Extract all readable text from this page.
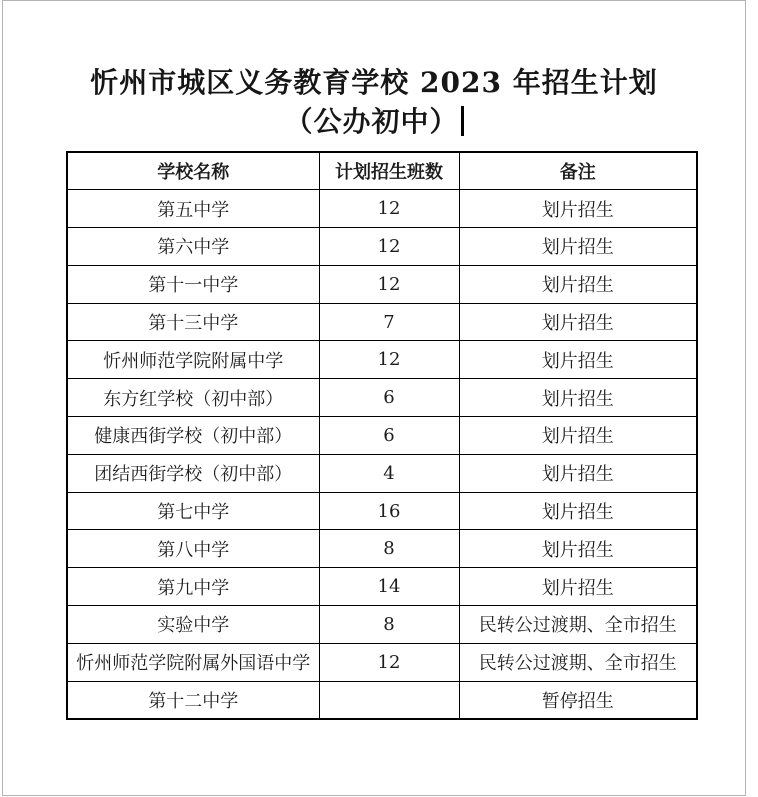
忻州市城区义务教育学校 2023 年招生计划
（公办初中）
学校名称	计划招生班数	备注
第五中学	12	划片招生
第六中学	12	划片招生
第十一中学	12	划片招生
第十三中学	7	划片招生
忻州师范学院附属中学	12	划片招生
东方红学校（初中部）	6	划片招生
健康西街学校（初中部）	6	划片招生
团结西街学校（初中部）	4	划片招生
第七中学	16	划片招生
第八中学	8	划片招生
第九中学	14	划片招生
实验中学	8	民转公过渡期、全市招生
忻州师范学院附属外国语中学	12	民转公过渡期、全市招生
第十二中学		暂停招生
